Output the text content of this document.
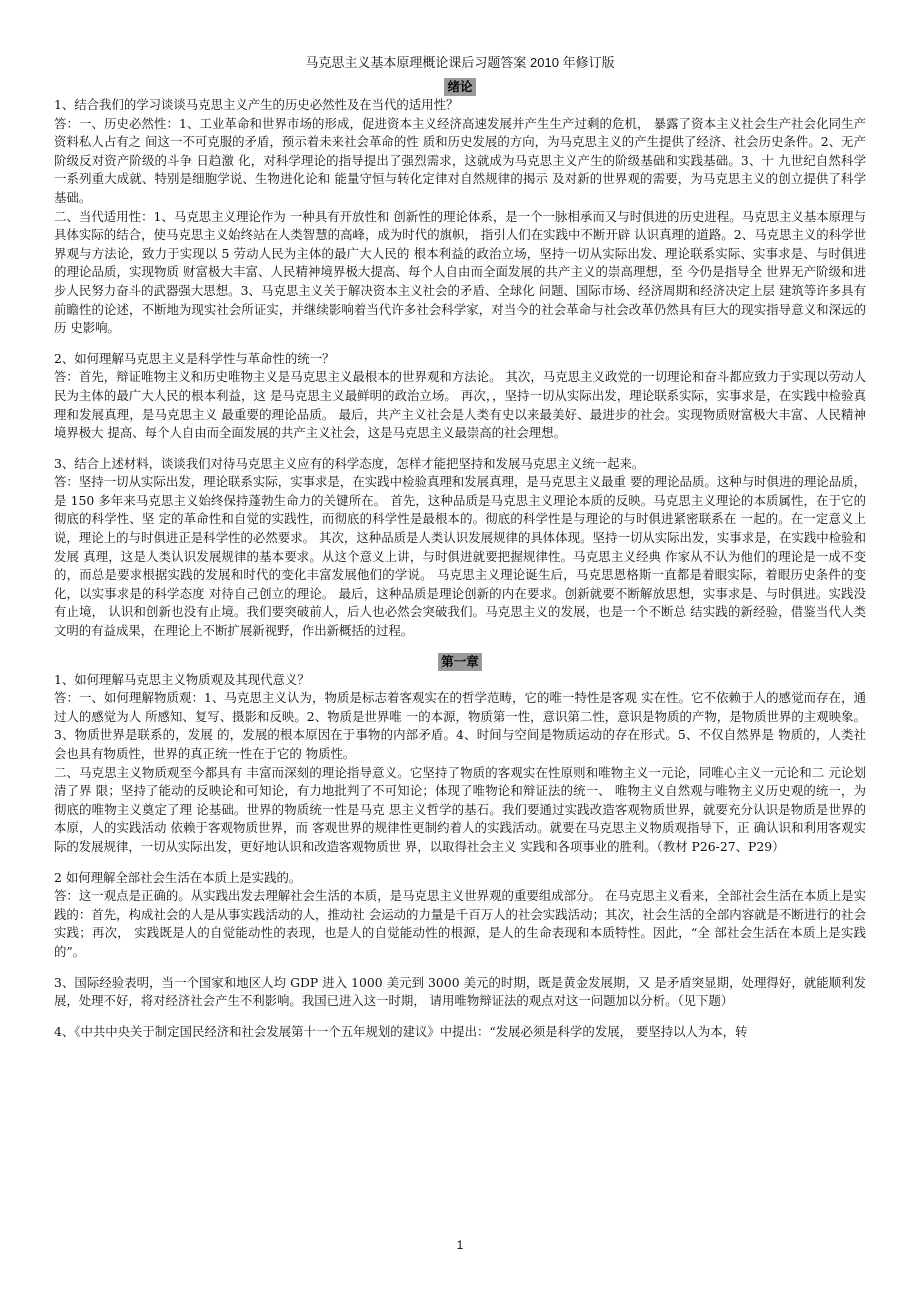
马克思主义基本原理概论课后习题答案 2010 年修订版
绪论

1、结合我们的学习谈谈马克思主义产生的历史必然性及在当代的适用性？

答：一、历史必然性：1、工业革命和世界市场的形成，促进资本主义经济高速发展并产生生产过剩的危机， 暴露了资本主义社会生产社会化同生产资料私人占有之 间这一不可克服的矛盾，预示着未来社会革命的性 质和历史发展的方向，为马克思主义的产生提供了经济、社会历史条件。2、无产阶级反对资产阶级的斗争 日趋激 化，对科学理论的指导提出了强烈需求，这就成为马克思主义产生的阶级基础和实践基础。3、十 九世纪自然科学一系列重大成就、特别是细胞学说、生物进化论和 能量守恒与转化定律对自然规律的揭示 及对新的世界观的需要，为马克思主义的创立提供了科学基础。

二、当代适用性：1、马克思主义理论作为 一种具有开放性和 创新性的理论体系，是一个一脉相承而又与时俱进的历史进程。马克思主义基本原理与 具体实际的结合，使马克思主义始终站在人类智慧的高峰，成为时代的旗帜， 指引人们在实践中不断开辟 认识真理的道路。2、马克思主义的科学世界观与方法论，致力于实现以 5 劳动人民为主体的最广大人民的 根本利益的政治立场，坚持一切从实际出发、理论联系实际、实事求是、与时俱进的理论品质，实现物质 财富极大丰富、人民精神境界极大提高、每个人自由而全面发展的共产主义的崇高理想，至 今仍是指导全 世界无产阶级和进步人民努力奋斗的武器强大思想。3、马克思主义关于解决资本主义社会的矛盾、全球化 问题、国际市场、经济周期和经济决定上层 建筑等许多具有前瞻性的论述，不断地为现实社会所证实，并继续影响着当代许多社会科学家，对当今的社会革命与社会改革仍然具有巨大的现实指导意义和深远的 历 史影响。

2、如何理解马克思主义是科学性与革命性的统一？

答：首先，辩证唯物主义和历史唯物主义是马克思主义最根本的世界观和方法论。 其次，马克思主义政党的一切理论和奋斗都应致力于实现以劳动人民为主体的最广大人民的根本利益，这 是马克思主义最鲜明的政治立场。 再次，，坚持一切从实际出发，理论联系实际，实事求是，在实践中检验真理和发展真理，是马克思主义 最重要的理论品质。 最后，共产主义社会是人类有史以来最美好、最进步的社会。实现物质财富极大丰富、人民精神境界极大 提高、每个人自由而全面发展的共产主义社会，这是马克思主义最崇高的社会理想。

3、结合上述材料，谈谈我们对待马克思主义应有的科学态度，怎样才能把坚持和发展马克思主义统一起来。

答：坚持一切从实际出发，理论联系实际，实事求是，在实践中检验真理和发展真理，是马克思主义最重 要的理论品质。这种与时俱进的理论品质，是 150 多年来马克思主义始终保持蓬勃生命力的关键所在。 首先，这种品质是马克思主义理论本质的反映。马克思主义理论的本质属性，在于它的彻底的科学性、坚 定的革命性和自觉的实践性，而彻底的科学性是最根本的。彻底的科学性是与理论的与时俱进紧密联系在 一起的。在一定意义上说，理论上的与时俱进正是科学性的必然要求。 其次，这种品质是人类认识发展规律的具体体现。坚持一切从实际出发，实事求是，在实践中检验和发展 真理，这是人类认识发展规律的基本要求。从这个意义上讲，与时俱进就要把握规律性。马克思主义经典 作家从不认为他们的理论是一成不变的，而总是要求根据实践的发展和时代的变化丰富发展他们的学说。 马克思主义理论诞生后，马克思恩格斯一直都是着眼实际，着眼历史条件的变化，以实事求是的科学态度 对待自己创立的理论。 最后，这种品质是理论创新的内在要求。创新就要不断解放思想，实事求是、与时俱进。实践没有止境， 认识和创新也没有止境。我们要突破前人，后人也必然会突破我们。马克思主义的发展，也是一个不断总 结实践的新经验，借鉴当代人类文明的有益成果，在理论上不断扩展新视野，作出新概括的过程。

第一章

1、如何理解马克思主义物质观及其现代意义？

答：一、如何理解物质观：1、马克思主义认为，物质是标志着客观实在的哲学范畴，它的唯一特性是客观 实在性。它不依赖于人的感觉而存在，通过人的感觉为人 所感知、复写、摄影和反映。2、物质是世界唯 一的本源，物质第一性，意识第二性，意识是物质的产物，是物质世界的主观映象。3、物质世界是联系的，发展 的，发展的根本原因在于事物的内部矛盾。4、时间与空间是物质运动的存在形式。5、不仅自然界是 物质的，人类社会也具有物质性，世界的真正统一性在于它的 物质性。

二、马克思主义物质观至今都具有 丰富而深刻的理论指导意义。它坚持了物质的客观实在性原则和唯物主义一元论，同唯心主义一元论和二 元论划清了界 限；坚持了能动的反映论和可知论，有力地批判了不可知论；体现了唯物论和辩证法的统一、 唯物主义自然观与唯物主义历史观的统一，为彻底的唯物主义奠定了理 论基础。世界的物质统一性是马克 思主义哲学的基石。我们要通过实践改造客观物质世界，就要充分认识是物质是世界的本原，人的实践活动 依赖于客观物质世界，而 客观世界的规律性更制约着人的实践活动。就要在马克思主义物质观指导下，正 确认识和利用客观实际的发展规律，一切从实际出发，更好地认识和改造客观物质世 界，以取得社会主义 实践和各项事业的胜利。（教材 P26-27、P29）

2 如何理解全部社会生活在本质上是实践的。

答：这一观点是正确的。从实践出发去理解社会生活的本质，是马克思主义世界观的重要组成部分。 在马克思主义看来，全部社会生活在本质上是实践的：首先，构成社会的人是从事实践活动的人，推动社 会运动的力量是千百万人的社会实践活动；其次，社会生活的全部内容就是不断进行的社会实践；再次， 实践既是人的自觉能动性的表现，也是人的自觉能动性的根源，是人的生命表现和本质特性。因此，“全 部社会生活在本质上是实践的”。

3、国际经验表明，当一个国家和地区人均 GDP 进入 1000 美元到 3000 美元的时期，既是黄金发展期，又 是矛盾突显期，处理得好，就能顺利发展，处理不好，将对经济社会产生不利影响。我国已进入这一时期， 请用唯物辩证法的观点对这一问题加以分析。（见下题）

4、《中共中央关于制定国民经济和社会发展第十一个五年规划的建议》中提出：“发展必须是科学的发展， 要坚持以人为本，转

1
